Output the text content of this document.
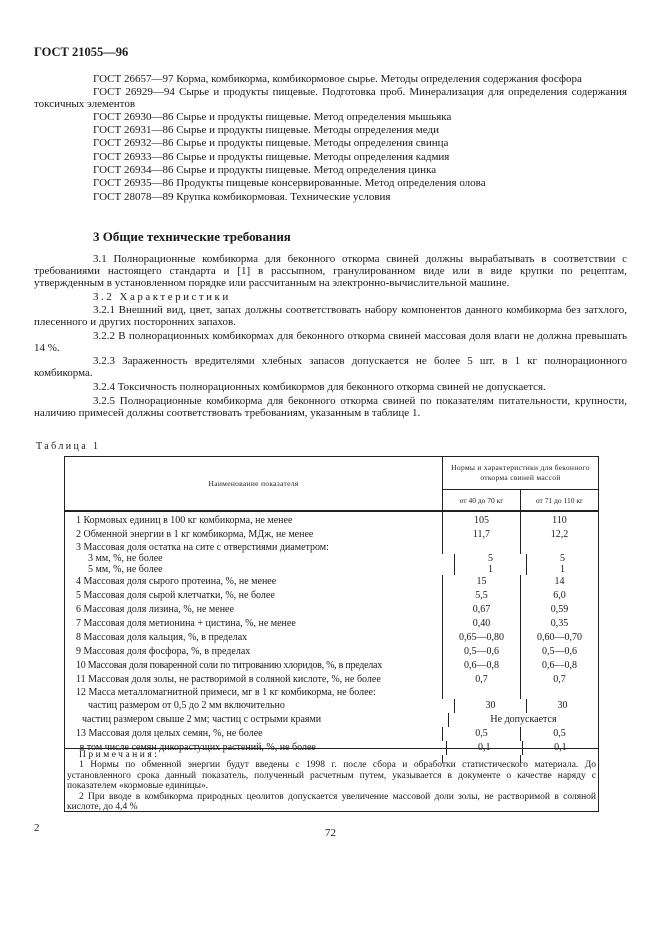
ГОСТ 21055—96
ГОСТ 26657—97 Корма, комбикорма, комбикормовое сырье. Методы определения содержания фосфора
ГОСТ 26929—94 Сырье и продукты пищевые. Подготовка проб. Минерализация для определения содержания токсичных элементов
ГОСТ 26930—86 Сырье и продукты пищевые. Метод определения мышьяка
ГОСТ 26931—86 Сырье и продукты пищевые. Методы определения меди
ГОСТ 26932—86 Сырье и продукты пищевые. Методы определения свинца
ГОСТ 26933—86 Сырье и продукты пищевые. Методы определения кадмия
ГОСТ 26934—86 Сырье и продукты пищевые. Метод определения цинка
ГОСТ 26935—86 Продукты пищевые консервированные. Метод определения олова
ГОСТ 28078—89 Крупка комбикормовая. Технические условия
3 Общие технические требования
3.1 Полнорационные комбикорма для беконного откорма свиней должны вырабатывать в соответствии с требованиями настоящего стандарта и [1] в рассыпном, гранулированном виде или в виде крупки по рецептам, утвержденным в установленном порядке или рассчитанным на электронно-вычислительной машине.
3.2 Характеристики
3.2.1 Внешний вид, цвет, запах должны соответствовать набору компонентов данного комбикорма без затхлого, плесенного и других посторонних запахов.
3.2.2 В полнорационных комбикормах для беконного откорма свиней массовая доля влаги не должна превышать 14 %.
3.2.3 Зараженность вредителями хлебных запасов допускается не более 5 шт. в 1 кг полнорационного комбикорма.
3.2.4 Токсичность полнорационных комбикормов для беконного откорма свиней не допускается.
3.2.5 Полнорационные комбикорма для беконного откорма свиней по показателям питательности, крупности, наличию примесей должны соответствовать требованиям, указанным в таблице 1.
Таблица 1
Наименование показателя
Нормы и характеристики для беконного откорма свиней массой
от 40 до 70 кг	от 71 до 110 кг
1 Кормовых единиц в 100 кг комбикорма, не менее	105	110
2 Обменной энергии в 1 кг комбикорма, МДж, не менее	11,7	12,2
3 Массовая доля остатка на сите с отверстиями диаметром:
3 мм, %, не более	5	5
5 мм, %, не более	1	1
4 Массовая доля сырого протеина, %, не менее	15	14
5 Массовая доля сырой клетчатки, %, не более	5,5	6,0
6 Массовая доля лизина, %, не менее	0,67	0,59
7 Массовая доля метионина + цистина, %, не менее	0,40	0,35
8 Массовая доля кальция, %, в пределах	0,65—0,80	0,60—0,70
9 Массовая доля фосфора, %, в пределах	0,5—0,6	0,5—0,6
10 Массовая доля поваренной соли по титрованию хлоридов, %, в пределах	0,6—0,8	0,6—0,8
11 Массовая доля золы, не растворимой в соляной кислоте, %, не более	0,7	0,7
12 Масса металломагнитной примеси, мг в 1 кг комбикорма, не более:
частиц размером от 0,5 до 2 мм включительно	30	30
частиц размером свыше 2 мм; частиц с острыми краями	Не допускается
13 Массовая доля целых семян, %, не более	0,5	0,5
в том числе семян дикорастущих растений, %, не более	0,1	0,1
Примечания:
1 Нормы по обменной энергии будут введены с 1998 г. после сбора и обработки статистического материала. До установленного срока данный показатель, полученный расчетным путем, указывается в документе о качестве наряду с показателем «кормовые единицы».
2 При вводе в комбикорма природных цеолитов допускается увеличение массовой доли золы, не растворимой в соляной кислоте, до 4,4 %
2	72
